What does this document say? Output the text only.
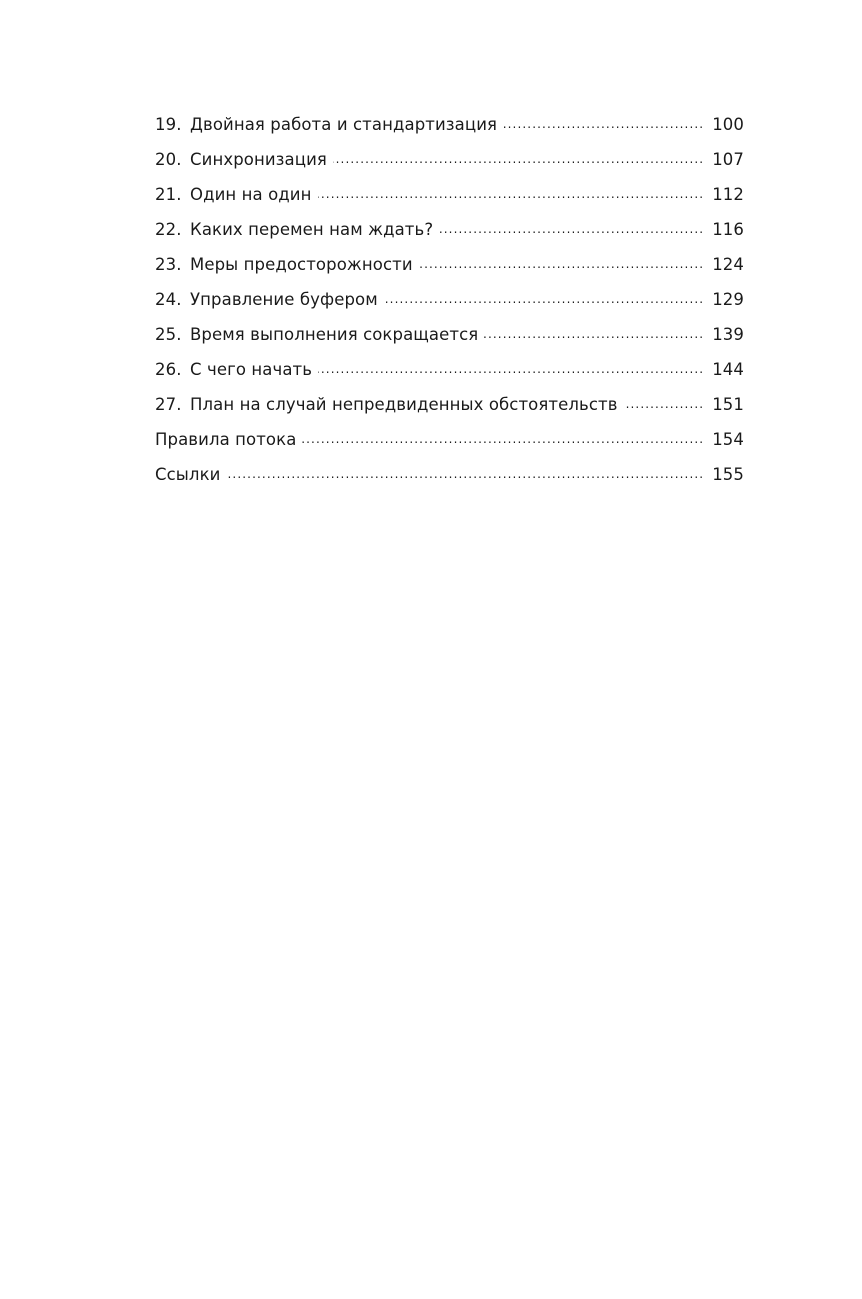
19. Двойная работа и стандартизация .....	100
20. Синхронизация .....	107
21. Один на один .....	112
22. Каких перемен нам ждать? .....	116
23. Меры предосторожности .....	124
24. Управление буфером .....	129
25. Время выполнения сокращается .....	139
26. С чего начать .....	144
27. План на случай непредвиденных обстоятельств .....	151
Правила потока .....	154
Ссылки .....	155
